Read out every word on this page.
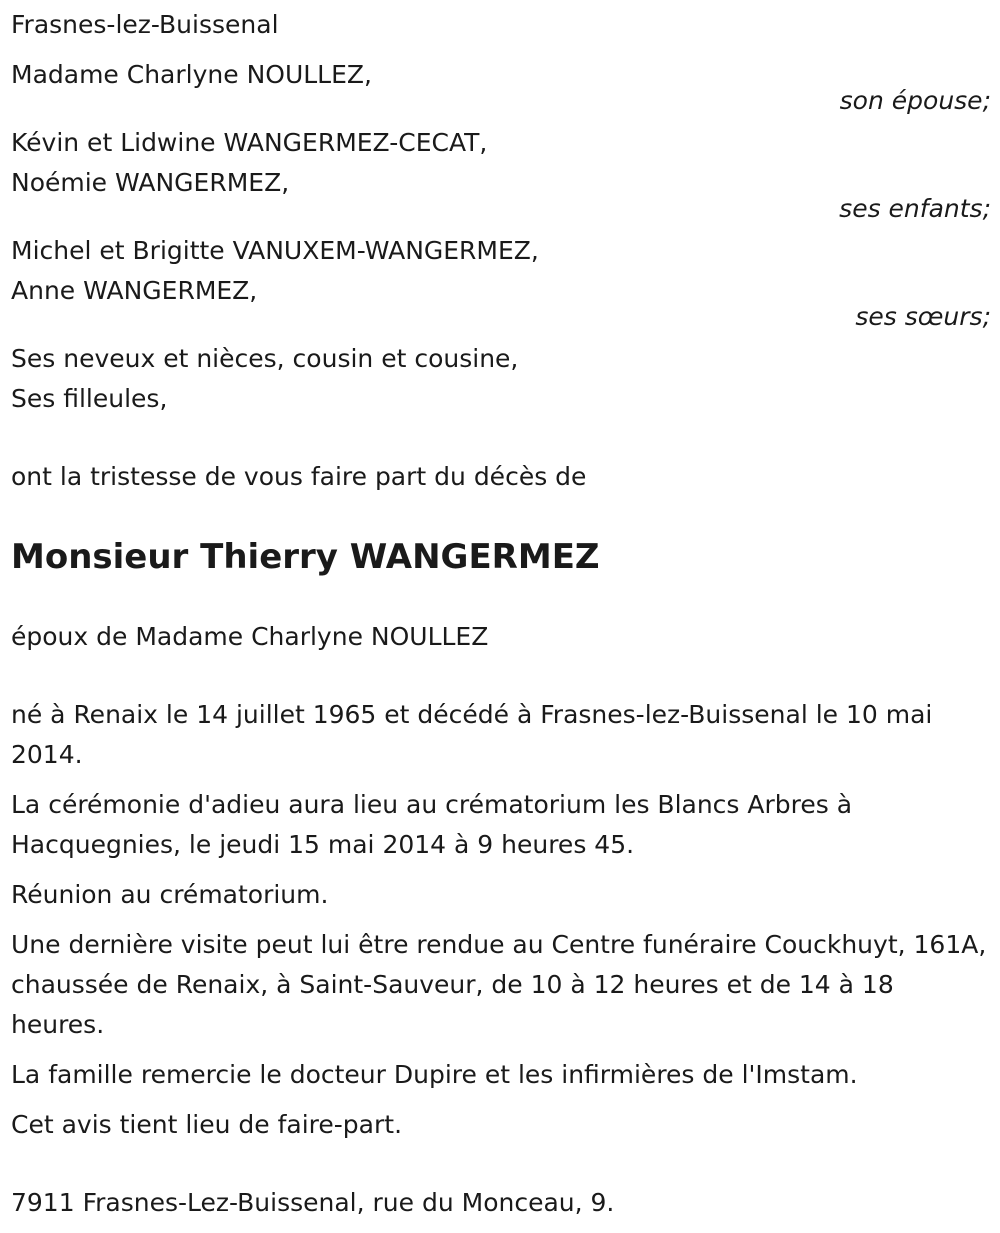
Frasnes-lez-Buissenal
Madame Charlyne NOULLEZ,
son épouse;
Kévin et Lidwine WANGERMEZ-CECAT,
Noémie WANGERMEZ,
ses enfants;
Michel et Brigitte VANUXEM-WANGERMEZ,
Anne WANGERMEZ,
ses sœurs;
Ses neveux et nièces, cousin et cousine,
Ses filleules,
ont la tristesse de vous faire part du décès de
Monsieur Thierry WANGERMEZ
époux de Madame Charlyne NOULLEZ

né à Renaix le 14 juillet 1965 et décédé à Frasnes-lez-Buissenal le 10 mai 2014.

La cérémonie d'adieu aura lieu au crématorium les Blancs Arbres à Hacquegnies, le jeudi 15 mai 2014 à 9 heures 45.

Réunion au crématorium.

Une dernière visite peut lui être rendue au Centre funéraire Couckhuyt, 161A, chaussée de Renaix, à Saint-Sauveur, de 10 à 12 heures et de 14 à 18 heures.

La famille remercie le docteur Dupire et les infirmières de l'Imstam.

Cet avis tient lieu de faire-part.

7911 Frasnes-Lez-Buissenal, rue du Monceau, 9.
